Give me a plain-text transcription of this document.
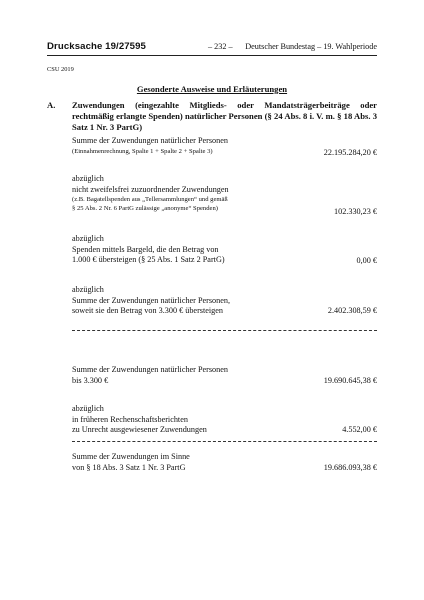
Drucksache 19/27595	– 232 – Deutscher Bundestag – 19. Wahlperiode
CSU 2019
Gesonderte Ausweise und Erläuterungen
A. Zuwendungen (eingezahlte Mitglieds- oder Mandatsträgerbeiträge oder rechtmäßig erlangte Spenden) natürlicher Personen (§ 24 Abs. 8 i. V. m. § 18 Abs. 3 Satz 1 Nr. 3 PartG)
Summe der Zuwendungen natürlicher Personen
(Einnahmenrechnung, Spalte 1 + Spalte 2 + Spalte 3)	22.195.284,20 €
abzüglich
nicht zweifelsfrei zuzuordnender Zuwendungen
(z.B. Bagatellspenden aus „Tellersammlungen“ und gemäß
§ 25 Abs. 2 Nr. 6 PartG zulässige „anonyme“ Spenden)	102.330,23 €
abzüglich
Spenden mittels Bargeld, die den Betrag von
1.000 € übersteigen (§ 25 Abs. 1 Satz 2 PartG)	0,00 €
abzüglich
Summe der Zuwendungen natürlicher Personen,
soweit sie den Betrag von 3.300 € übersteigen	2.402.308,59 €
Summe der Zuwendungen natürlicher Personen
bis 3.300 €	19.690.645,38 €
abzüglich
in früheren Rechenschaftsberichten
zu Unrecht ausgewiesener Zuwendungen	4.552,00 €
Summe der Zuwendungen im Sinne
von § 18 Abs. 3 Satz 1 Nr. 3 PartG	19.686.093,38 €
